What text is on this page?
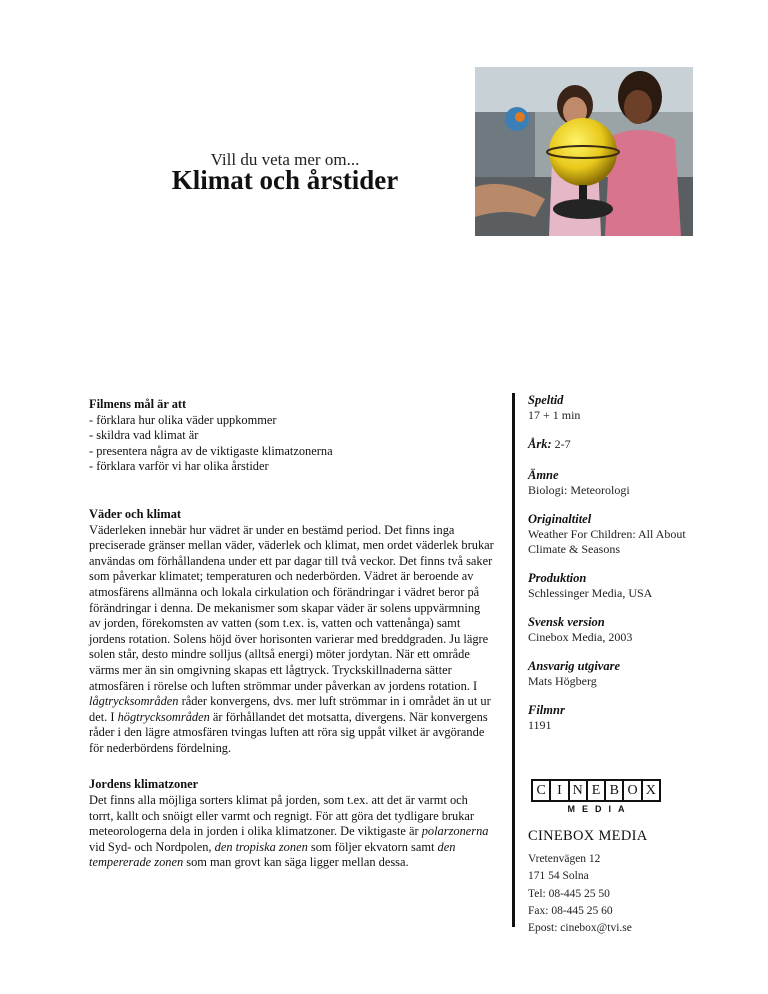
Vill du veta mer om...
Klimat och årstider

Filmens mål är att

- förklara hur olika väder uppkommer
- skildra vad klimat är
- presentera några av de viktigaste klimatzonerna
- förklara varför vi har olika årstider

Väder och klimat

Väderleken innebär hur vädret är under en bestämd period. Det finns inga preciserade gränser mellan väder, väderlek och klimat, men ordet väderlek brukar användas om förhållandena under ett par dagar till två veckor. Det finns två saker som påverkar klimatet; temperaturen och nederbörden. Vädret är beroende av atmosfärens allmänna och lokala cirkulation och förändringar i vädret beror på förändringar i denna. De mekanismer som skapar väder är solens uppvärmning av jorden, förekomsten av vatten (som t.ex. is, vatten och vattenånga) samt jordens rotation. Solens höjd över horisonten varierar med breddgraden. Ju lägre solen står, desto mindre solljus (alltså energi) möter jordytan. När ett område värms mer än sin omgivning skapas ett lågtryck. Tryckskillnaderna sätter atmosfären i rörelse och luften strömmar under påverkan av jordens rotation. I lågtrycksområden råder konvergens, dvs. mer luft strömmar in i området än ut ur det. I högtrycksområden är förhållandet det motsatta, divergens. När konvergens råder i den lägre atmosfären tvingas luften att röra sig uppåt vilket är avgörande för nederbördens fördelning.

Jordens klimatzoner

Det finns alla möjliga sorters klimat på jorden, som t.ex. att det är varmt och torrt, kallt och snöigt eller varmt och regnigt. För att göra det tydligare brukar meteorologerna dela in jorden i olika klimatzoner. De viktigaste är polarzonerna vid Syd- och Nordpolen, den tropiska zonen som följer ekvatorn samt den tempererade zonen som man grovt kan säga ligger mellan dessa.

Speltid
17 + 1 min
Årk: 2-7
Ämne
Biologi: Meteorologi
Originaltitel
Weather For Children: All About Climate & Seasons
Produktion
Schlessinger Media, USA
Svensk version
Cinebox Media, 2003
Ansvarig utgivare
Mats Högberg
Filmnr
1191
C I N E B O X
MEDIA
CINEBOX MEDIA
Vretenvägen 12
171 54 Solna
Tel: 08-445 25 50
Fax: 08-445 25 60
Epost: cinebox@tvi.se
